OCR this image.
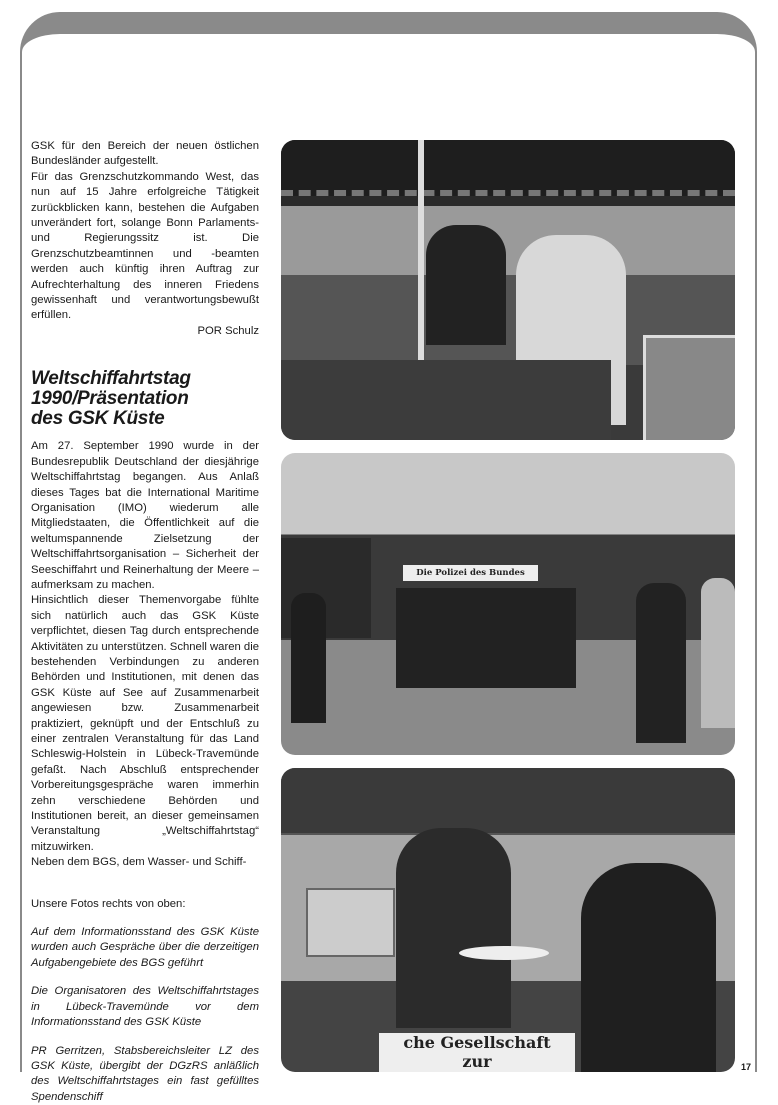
GSK für den Bereich der neuen östlichen Bundesländer aufgestellt.

Für das Grenzschutzkommando West, das nun auf 15 Jahre erfolgreiche Tätigkeit zurückblicken kann, bestehen die Aufgaben unverändert fort, solange Bonn Parlaments- und Regierungssitz ist. Die Grenzschutzbeamtinnen und -beamten werden auch künftig ihren Auftrag zur Aufrechterhaltung des inneren Friedens gewissenhaft und verantwortungsbewußt erfüllen.

POR Schulz

Weltschiffahrtstag
1990/Präsentation
des GSK Küste

Am 27. September 1990 wurde in der Bundesrepublik Deutschland der diesjährige Weltschiffahrtstag begangen. Aus Anlaß dieses Tages bat die International Maritime Organisation (IMO) wiederum alle Mitgliedstaaten, die Öffentlichkeit auf die weltumspannende Zielsetzung der Weltschiffahrtsorganisation – Sicherheit der Seeschiffahrt und Reinerhaltung der Meere – aufmerksam zu machen.

Hinsichtlich dieser Themenvorgabe fühlte sich natürlich auch das GSK Küste verpflichtet, diesen Tag durch entsprechende Aktivitäten zu unterstützen. Schnell waren die bestehenden Verbindungen zu anderen Behörden und Institutionen, mit denen das GSK Küste auf See auf Zusammenarbeit angewiesen bzw. Zusammenarbeit praktiziert, geknüpft und der Entschluß zu einer zentralen Veranstaltung für das Land Schleswig-Holstein in Lübeck-Travemünde gefaßt. Nach Abschluß entsprechender Vorbereitungsgespräche waren immerhin zehn verschiedene Behörden und Institutionen bereit, an dieser gemeinsamen Veranstaltung „Weltschiffahrtstag“ mitzuwirken.

Neben dem BGS, dem Wasser- und Schiff-

Unsere Fotos rechts von oben:

Auf dem Informationsstand des GSK Küste wurden auch Gespräche über die derzeitigen Aufgabengebiete des BGS geführt

Die Organisatoren des Weltschiffahrtstages in Lübeck-Travemünde vor dem Informationsstand des GSK Küste

PR Gerritzen, Stabsbereichsleiter LZ des GSK Küste, übergibt der DGzRS anläßlich des Weltschiffahrtstages ein fast gefülltes Spendenschiff

Die Polizei des Bundes
che Gesellschaft
zur	17
